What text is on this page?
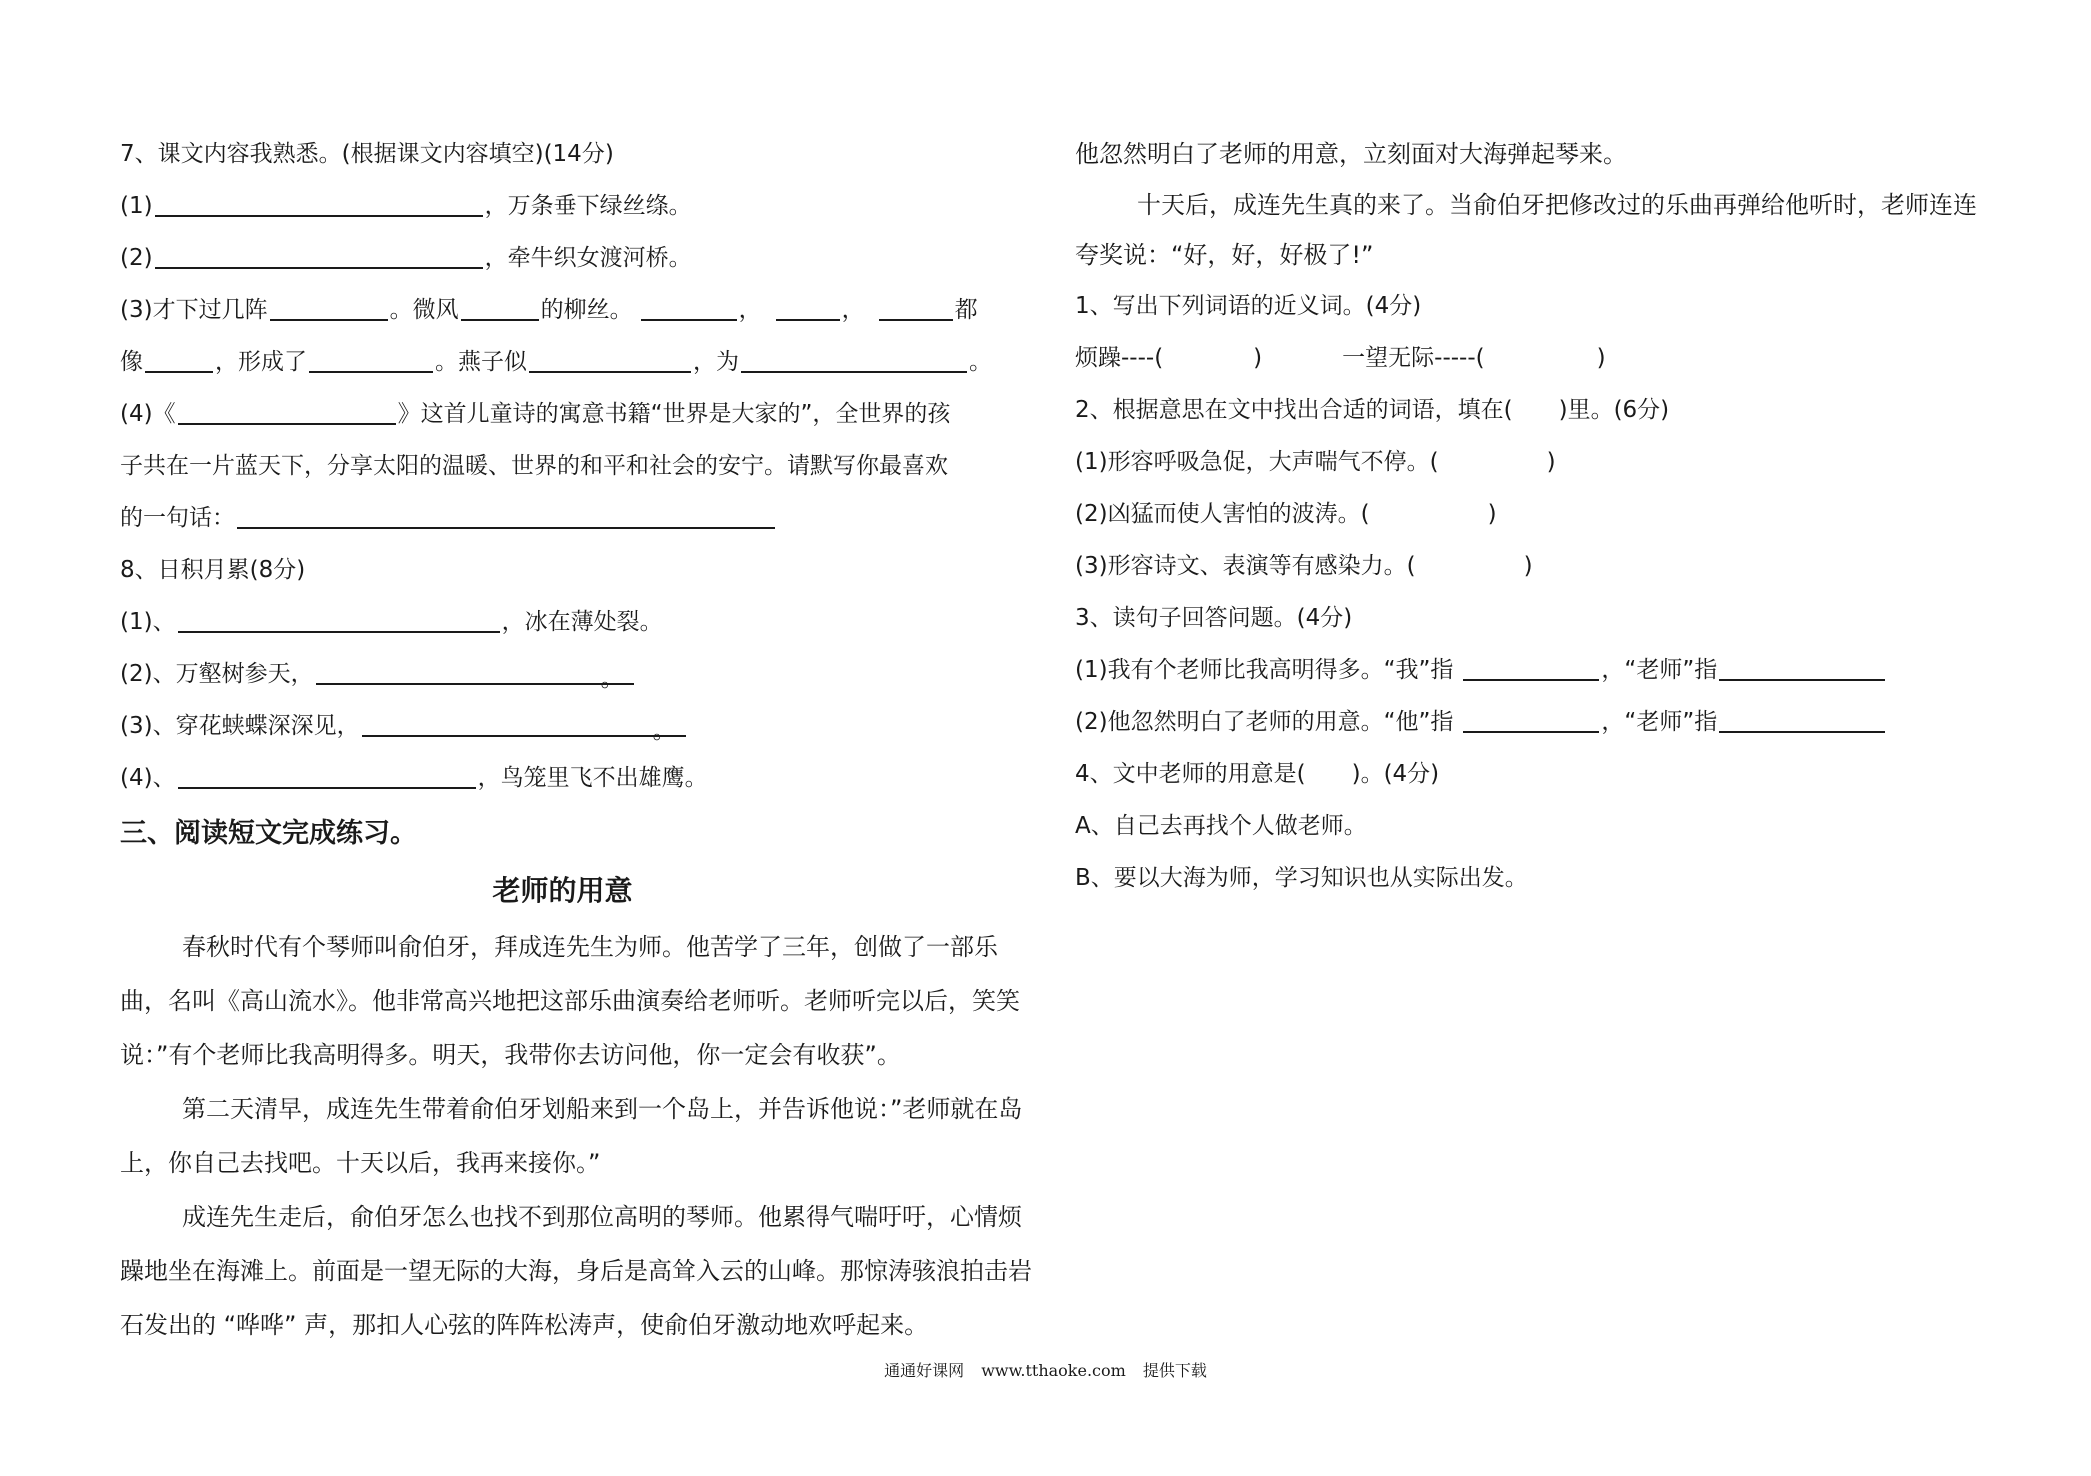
7、课文内容我熟悉。(根据课文内容填空)(14分)
(1)	，万条垂下绿丝绦。
(2)	，牵牛织女渡河桥。
(3)才下过几阵	。微风	的柳丝。	，	，	都
像	，形成了	。燕子似	，为	。
(4)《	》这首儿童诗的寓意书籍“世界是大家的”，全世界的孩
子共在一片蓝天下，分享太阳的温暖、世界的和平和社会的安宁。请默写你最喜欢
的一句话：
8、日积月累(8分)
(1)、	，冰在薄处裂。
(2)、万壑树参天，	。
(3)、穿花蛱蝶深深见，	。
(4)、	，鸟笼里飞不出雄鹰。
三、阅读短文完成练习。
老师的用意

春秋时代有个琴师叫俞伯牙，拜成连先生为师。他苦学了三年，创做了一部乐曲，名叫《高山流水》。他非常高兴地把这部乐曲演奏给老师听。老师听完以后，笑笑说：”有个老师比我高明得多。明天，我带你去访问他，你一定会有收获”。

第二天清早，成连先生带着俞伯牙划船来到一个岛上，并告诉他说：”老师就在岛上，你自己去找吧。十天以后，我再来接你。”

成连先生走后，俞伯牙怎么也找不到那位高明的琴师。他累得气喘吁吁，心情烦躁地坐在海滩上。前面是一望无际的大海，身后是高耸入云的山峰。那惊涛骇浪拍击岩石发出的 “哗哗” 声，那扣人心弦的阵阵松涛声，使俞伯牙激动地欢呼起来。

他忽然明白了老师的用意，立刻面对大海弹起琴来。

十天后，成连先生真的来了。当俞伯牙把修改过的乐曲再弹给他听时，老师连连夸奖说：“好，好，好极了!”

1、写出下列词语的近义词。(4分)
烦躁----(	)	一望无际-----(	)
2、根据意思在文中找出合适的词语，填在(　　)里。(6分)
(1)形容呼吸急促，大声喘气不停。(	)
(2)凶猛而使人害怕的波涛。(	)
(3)形容诗文、表演等有感染力。(	)
3、读句子回答问题。(4分)
(1)我有个老师比我高明得多。“我”指	，“老师”指
(2)他忽然明白了老师的用意。“他”指	，“老师”指
4、文中老师的用意是(　　)。(4分)
A、自己去再找个人做老师。
B、要以大海为师，学习知识也从实际出发。
通通好课网 www.tthaoke.com 提供下载
